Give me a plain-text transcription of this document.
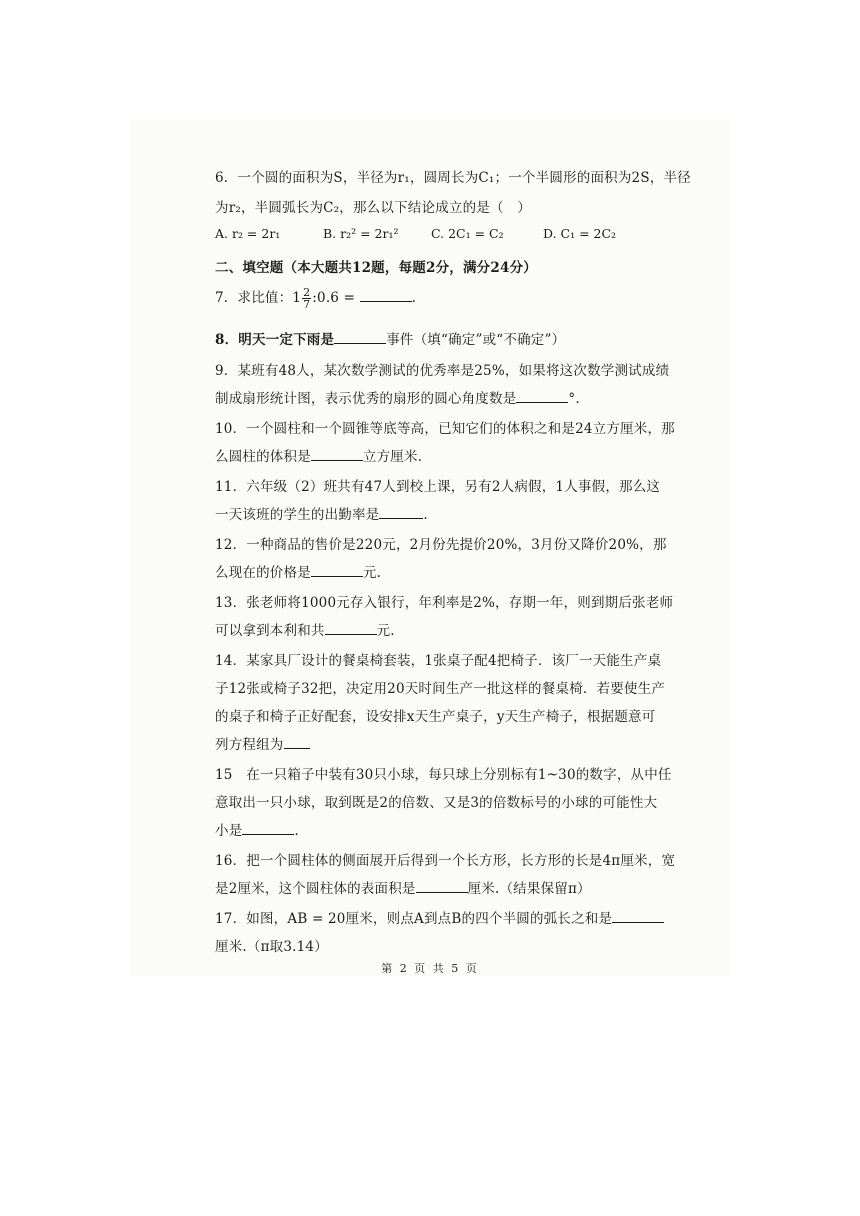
6．一个圆的面积为S，半径为r₁，圆周长为C₁；一个半圆形的面积为2S，半径
为r₂，半圆弧长为C₂，那么以下结论成立的是（　）
A. r₂ = 2r₁	B. r₂² = 2r₁²	C. 2C₁ = C₂	D. C₁ = 2C₂
二、填空题（本大题共12题，每题2分，满分24分）
7．求比值：$1 \frac{2}{7}$ :0.6 =	.
8．明天一定下雨是	事件（填“确定”或“不确定”）
9．某班有48人，某次数学测试的优秀率是25%，如果将这次数学测试成绩
制成扇形统计图，表示优秀的扇形的圆心角度数是	°.
10．一个圆柱和一个圆锥等底等高，已知它们的体积之和是24立方厘米，那
么圆柱的体积是	立方厘米.
11．六年级（2）班共有47人到校上课，另有2人病假，1人事假，那么这
一天该班的学生的出勤率是	.
12．一种商品的售价是220元，2月份先提价20%，3月份又降价20%，那
么现在的价格是	元.
13．张老师将1000元存入银行，年利率是2%，存期一年，则到期后张老师
可以拿到本利和共	元.
14．某家具厂设计的餐桌椅套装，1张桌子配4把椅子．该厂一天能生产桌
子12张或椅子32把，决定用20天时间生产一批这样的餐桌椅．若要使生产
的桌子和椅子正好配套，设安排x天生产桌子，y天生产椅子，根据题意可
列方程组为
15　在一只箱子中装有30只小球，每只球上分别标有1~30的数字，从中任
意取出一只小球，取到既是2的倍数、又是3的倍数标号的小球的可能性大
小是	.
16．把一个圆柱体的侧面展开后得到一个长方形，长方形的长是4π厘米，宽
是2厘米，这个圆柱体的表面积是	厘米.（结果保留π）
17．如图，AB = 20厘米，则点A到点B的四个半圆的弧长之和是
厘米.（π取3.14）
第 2 页 共 5 页
